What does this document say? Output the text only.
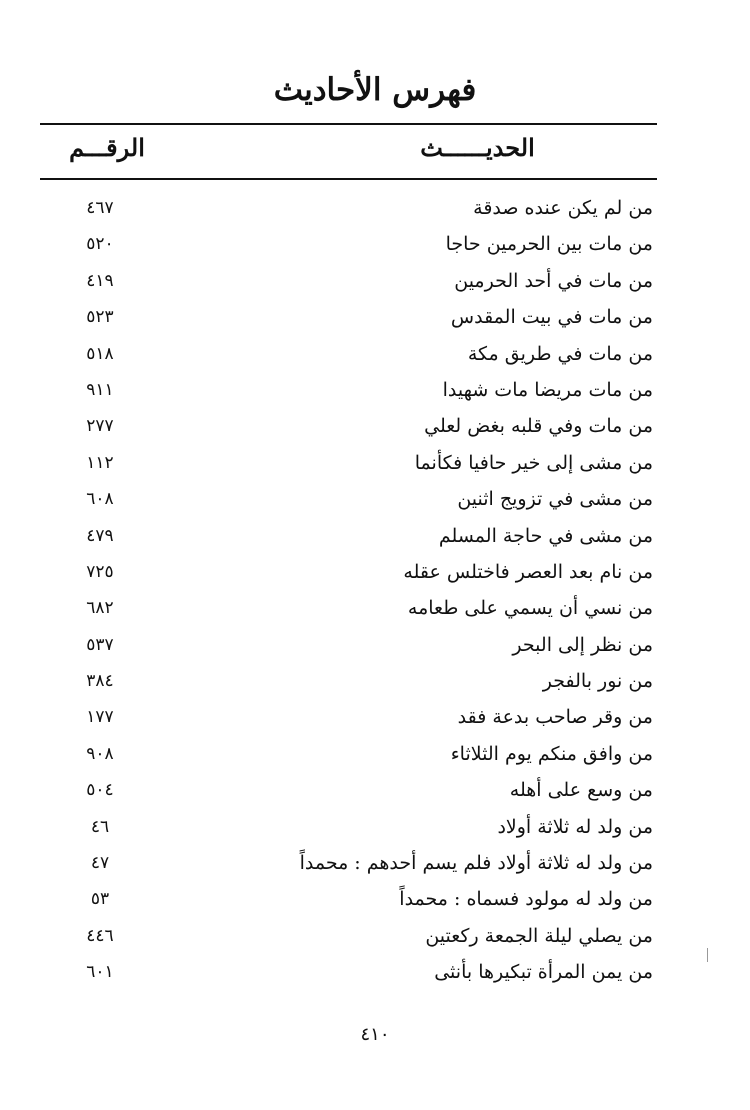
فهرس الأحاديث
الحديــــــث
الرقـــم
من لم يكن عنده صدقة
٤٦٧
من مات بين الحرمين حاجا
٥٢٠
من مات في أحد الحرمين
٤١٩
من مات في بيت المقدس
٥٢٣
من مات في طريق مكة
٥١٨
من مات مريضا مات شهيدا
٩١١
من مات وفي قلبه بغض لعلي
٢٧٧
من مشى إلى خير حافيا فكأنما
١١٢
من مشى في تزويج اثنين
٦٠٨
من مشى في حاجة المسلم
٤٧٩
من نام بعد العصر فاختلس عقله
٧٢٥
من نسي أن يسمي على طعامه
٦٨٢
من نظر إلى البحر
٥٣٧
من نور بالفجر
٣٨٤
من وقر صاحب بدعة فقد
١٧٧
من وافق منكم يوم الثلاثاء
٩٠٨
من وسع على أهله
٥٠٤
من ولد له ثلاثة أولاد
٤٦
من ولد له ثلاثة أولاد فلم يسم أحدهم : محمداً
٤٧
من ولد له مولود فسماه : محمداً
٥٣
من يصلي ليلة الجمعة ركعتين
٤٤٦
من يمن المرأة تبكيرها بأنثى
٦٠١
٤١٠
